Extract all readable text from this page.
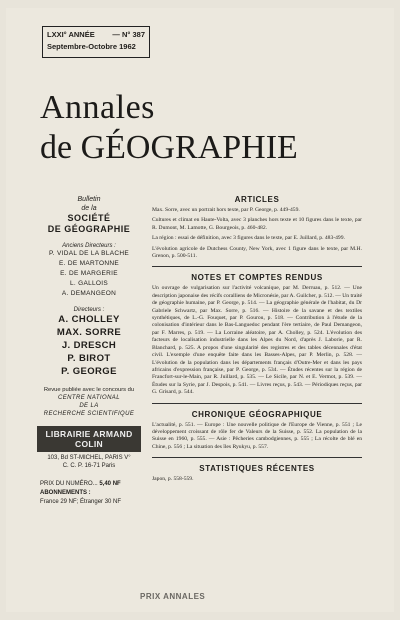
LXXI° ANNÉE — N° 387
Septembre-Octobre 1962
Annales
de GÉOGRAPHIE
Bulletin
de la
SOCIÉTÉ
DE GÉOGRAPHIE
Anciens Directeurs :
P. VIDAL DE LA BLACHE
E. DE MARTONNE
E. DE MARGERIE
L. GALLOIS
A. DEMANGEON
Directeurs :
A. CHOLLEY
MAX. SORRE
J. DRESCH
P. BIROT
P. GEORGE
Revue publiée avec le concours du
CENTRE NATIONAL
DE LA
RECHERCHE SCIENTIFIQUE
LIBRAIRIE ARMAND COLIN
103, Bd ST-MICHEL, PARIS V°
C. C. P. 16-71 Paris
PRIX DU NUMÉRO... 5,40 NF
ABONNEMENTS :
France 29 NF; Étranger 30 NF
ARTICLES
Max. Sorre, avec un portrait hors texte, par P. George, p. 449-459.
Cultures et climat en Haute-Volta, avec 3 planches hors texte et 10 figures dans le texte, par R. Dumont, M. Lamotte, G. Bourgeois, p. 460-482.
La région : essai de définition, avec 3 figures dans le texte, par E. Juillard, p. 483-499.
L'évolution agricole de Dutchess County, New York, avec 1 figure dans le texte, par M.H. Grenon, p. 500-511.
NOTES ET COMPTES RENDUS
Un ouvrage de vulgarisation sur l'activité volcanique, par M. Derruau, p. 512. — Une description japonaise des récifs coralliens de Micronésie, par A. Guilcher, p. 512. — Un traité de géographie humaine, par P. George, p. 514. — La géographie générale de l'habitat, du Dr Gabriele Schwartz, par Max. Sorre, p. 516. — Histoire de la savane et des textiles synthétiques, de L.-G. Fouquet, par P. Gourou, p. 518. — Contribution à l'étude de la colonisation d'intérieur dans le Bas-Languedoc pendant l'ère tertiaire, de Paul Demangeon, par F. Marres, p. 519. — La Lorraine aléatoire, par A. Cholley, p. 524. L'évolution des facteurs de localisation industrielle dans les Alpes du Nord, d'après J. Laborie, par R. Blanchard, p. 525. A propos d'une singularité des registres et des tables décennales d'état civil. L'exemple d'une enquête faite dans les Basses-Alpes, par P. Merlin, p. 528. — L'évolution de la population dans les départements français d'Outre-Mer et dans les pays africains d'expression française, par P. George, p. 534. — Études récentes sur la région de Francfort-sur-le-Main, par R. Juillard, p. 535. — Le Sicile, par N. et E. Vermot, p. 539. — Études sur la Syrie, par J. Despois, p. 541. — Livres reçus, p. 543. — Périodiques reçus, par G. Grisard, p. 544.
CHRONIQUE GÉOGRAPHIQUE
L'actualité, p. 551. — Europe : Une nouvelle politique de l'Europe de Vienne, p. 551 ; Le développement croissant de rôle fer de Valeurs de la Suisse, p. 552. La population de la Suisse en 1960, p. 555. — Asie : Pêcheries cambodgiennes, p. 555 ; La récolte de blé en Chine, p. 556 ; La situation des îles Ryukyu, p. 557.
STATISTIQUES RÉCENTES
Japon, p. 558-559.
PRIX ANNALES
